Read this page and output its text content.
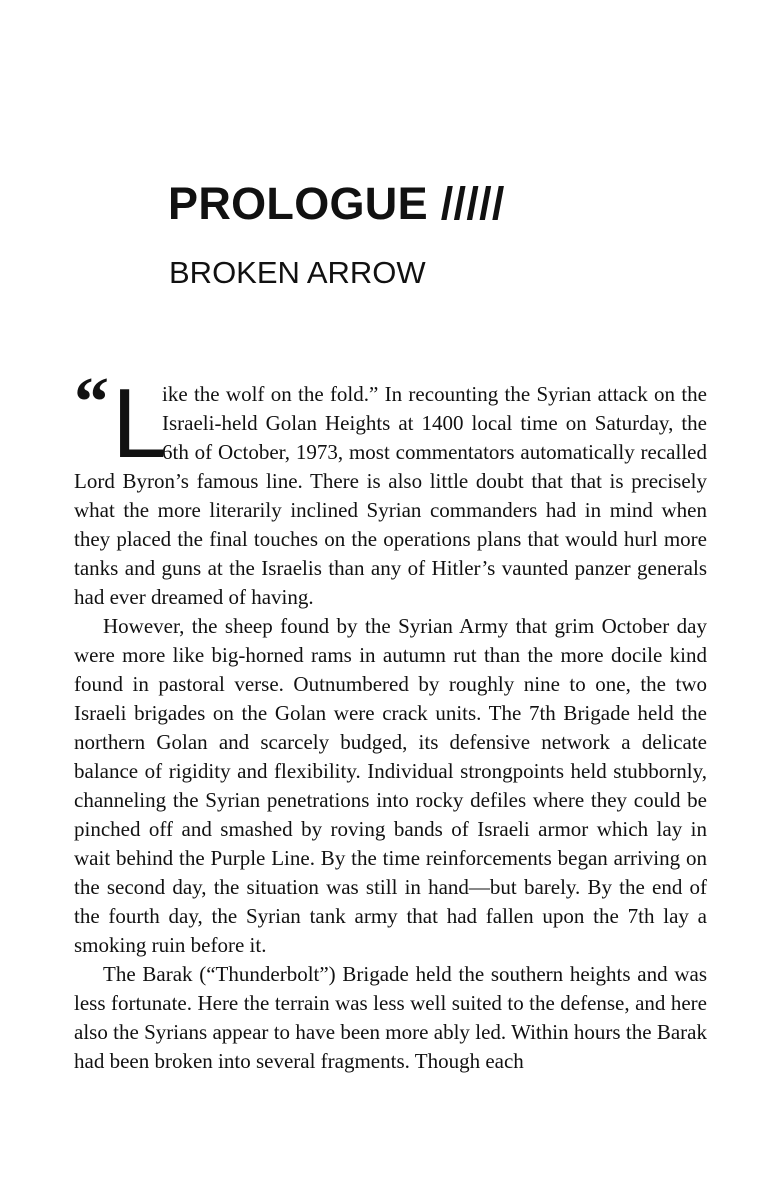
PROLOGUE /////
BROKEN ARROW

“ L
ike the wolf on the fold.” In recounting the Syrian attack on the Israeli-held Golan Heights at 1400 local time on Saturday, the 6th of October, 1973, most commentators automatically recalled Lord Byron’s famous line. There is also little doubt that that is precisely what the more literarily inclined Syrian commanders had in mind when they placed the final touches on the operations plans that would hurl more tanks and guns at the Israelis than any of Hitler’s vaunted panzer generals had ever dreamed of having.

However, the sheep found by the Syrian Army that grim October day were more like big-horned rams in autumn rut than the more docile kind found in pastoral verse. Outnumbered by roughly nine to one, the two Israeli brigades on the Golan were crack units. The 7th Brigade held the northern Golan and scarcely budged, its defensive network a delicate balance of rigidity and flexibility. Individual strongpoints held stubbornly, channeling the Syrian penetrations into rocky defiles where they could be pinched off and smashed by roving bands of Israeli armor which lay in wait behind the Purple Line. By the time reinforcements began arriving on the second day, the situation was still in hand—but barely. By the end of the fourth day, the Syrian tank army that had fallen upon the 7th lay a smoking ruin before it.

The Barak (“Thunderbolt”) Brigade held the southern heights and was less fortunate. Here the terrain was less well suited to the defense, and here also the Syrians appear to have been more ably led. Within hours the Barak had been broken into several fragments. Though each
